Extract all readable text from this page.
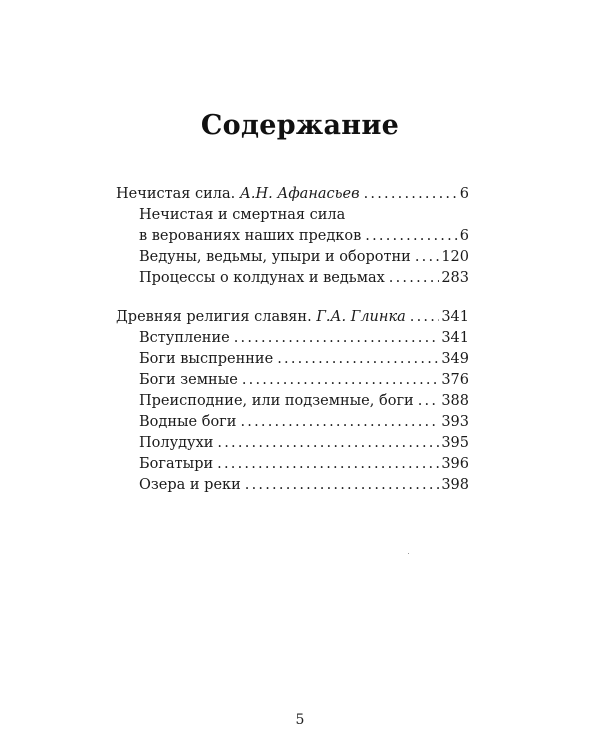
Содержание
Нечистая сила. А.Н. Афанасьев . . .	6
Нечистая и смертная сила
в верованиях наших предков . . .	6
Ведуны, ведьмы, упыри и оборотни . . . 120
Процессы о колдунах и ведьмах . . .	283
Древняя религия славян. Г.А. Глинка . . . 341
Вступление . . .	341
Боги выспренние . . .	349
Боги земные . . .	376
Преисподние, или подземные, боги . . . 388
Водные боги . . .	393
Полудухи . . .	395
Богатыри . . .	396
Озера и реки . . .	398
5
